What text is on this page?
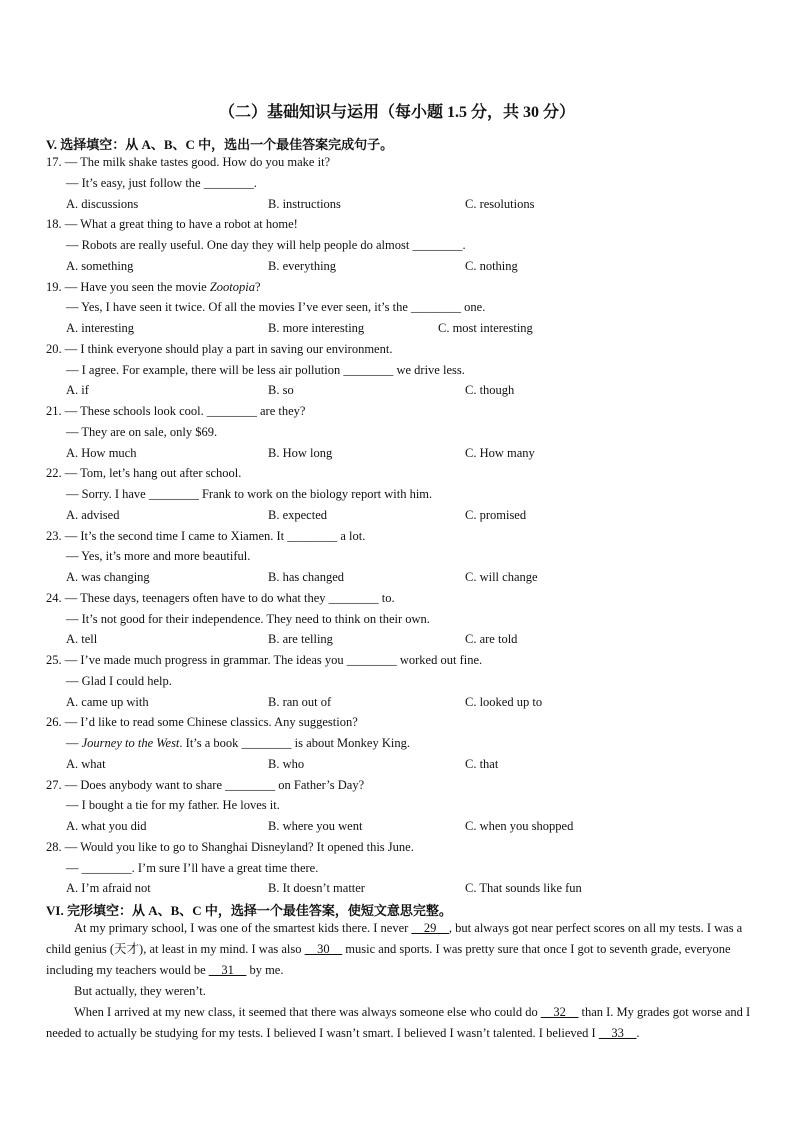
（二）基础知识与运用（每小题 1.5 分，共 30 分）
V. 选择填空：从 A、B、C 中，选出一个最佳答案完成句子。
17. — The milk shake tastes good. How do you make it?
— It’s easy, just follow the ________.
A. discussions	B. instructions	C. resolutions
18. — What a great thing to have a robot at home!
— Robots are really useful. One day they will help people do almost ________.
A. something	B. everything	C. nothing
19. — Have you seen the movie Zootopia?
— Yes, I have seen it twice. Of all the movies I’ve ever seen, it’s the ________ one.
A. interesting	B. more interesting	C. most interesting
20. — I think everyone should play a part in saving our environment.
— I agree. For example, there will be less air pollution ________ we drive less.
A. if	B. so	C. though
21. — These schools look cool. ________ are they?
— They are on sale, only $69.
A. How much	B. How long	C. How many
22. — Tom, let’s hang out after school.
— Sorry. I have ________ Frank to work on the biology report with him.
A. advised	B. expected	C. promised
23. — It’s the second time I came to Xiamen. It ________ a lot.
— Yes, it’s more and more beautiful.
A. was changing	B. has changed	C. will change
24. — These days, teenagers often have to do what they ________ to.
— It’s not good for their independence. They need to think on their own.
A. tell	B. are telling	C. are told
25. — I’ve made much progress in grammar. The ideas you ________ worked out fine.
— Glad I could help.
A. came up with	B. ran out of	C. looked up to
26. — I’d like to read some Chinese classics. Any suggestion?
— Journey to the West. It’s a book ________ is about Monkey King.
A. what	B. who	C. that
27. — Does anybody want to share ________ on Father’s Day?
— I bought a tie for my father. He loves it.
A. what you did	B. where you went	C. when you shopped
28. — Would you like to go to Shanghai Disneyland? It opened this June.
— ________. I’m sure I’ll have a great time there.
A. I’m afraid not	B. It doesn’t matter	C. That sounds like fun
VI. 完形填空：从 A、B、C 中，选择一个最佳答案，使短文意思完整。
At my primary school, I was one of the smartest kids there. I never __29__, but always got near perfect scores on all my tests. I was a child genius (天才), at least in my mind. I was also __30__ music and sports. I was pretty sure that once I got to seventh grade, everyone including my teachers would be __31__ by me.
But actually, they weren’t.
When I arrived at my new class, it seemed that there was always someone else who could do __32__ than I. My grades got worse and I needed to actually be studying for my tests. I believed I wasn’t smart. I believed I wasn’t talented. I believed I __33__.
